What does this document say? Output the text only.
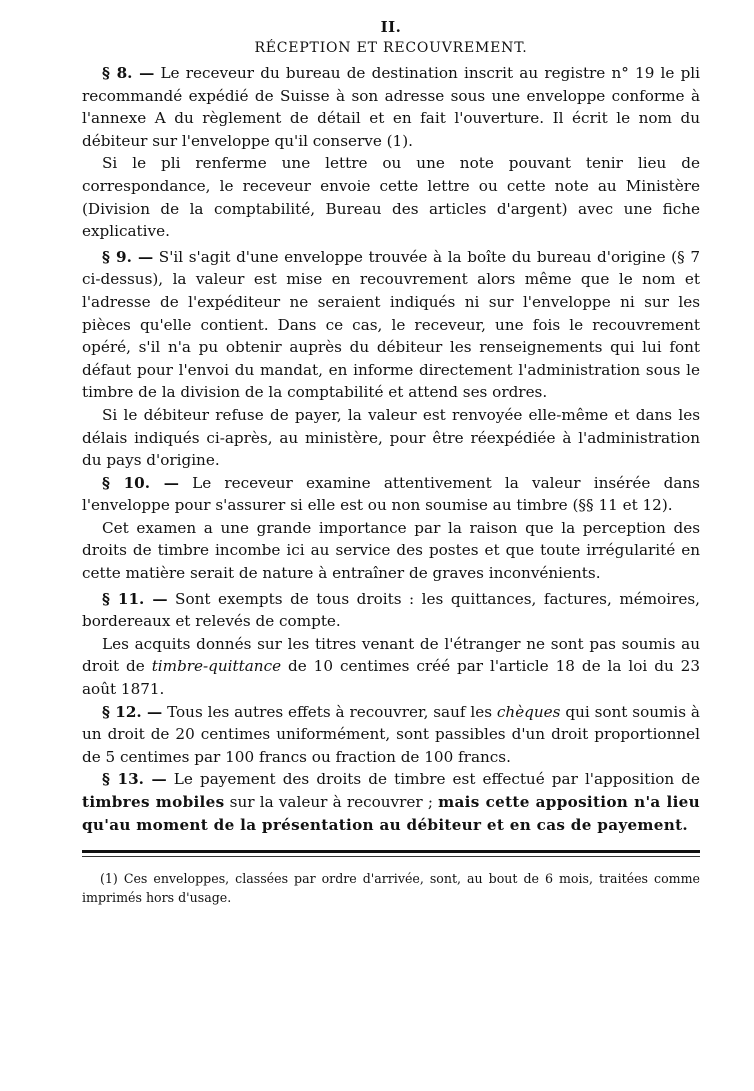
II.
RÉCEPTION ET RECOUVREMENT.

§ 8. — Le receveur du bureau de destination inscrit au registre n° 19 le pli recommandé expédié de Suisse à son adresse sous une enveloppe conforme à l'annexe A du règlement de détail et en fait l'ouverture. Il écrit le nom du débiteur sur l'enveloppe qu'il conserve (1).

Si le pli renferme une lettre ou une note pouvant tenir lieu de correspondance, le receveur envoie cette lettre ou cette note au Ministère (Division de la comptabilité, Bureau des articles d'argent) avec une fiche explicative.

§ 9. — S'il s'agit d'une enveloppe trouvée à la boîte du bureau d'origine (§ 7 ci-dessus), la valeur est mise en recouvrement alors même que le nom et l'adresse de l'expéditeur ne seraient indiqués ni sur l'enveloppe ni sur les pièces qu'elle contient. Dans ce cas, le receveur, une fois le recouvrement opéré, s'il n'a pu obtenir auprès du débiteur les renseignements qui lui font défaut pour l'envoi du mandat, en informe directement l'administration sous le timbre de la division de la comptabilité et attend ses ordres.

Si le débiteur refuse de payer, la valeur est renvoyée elle-même et dans les délais indiqués ci-après, au ministère, pour être réexpédiée à l'administration du pays d'origine.

§ 10. — Le receveur examine attentivement la valeur insérée dans l'enveloppe pour s'assurer si elle est ou non soumise au timbre (§§ 11 et 12).

Cet examen a une grande importance par la raison que la perception des droits de timbre incombe ici au service des postes et que toute irrégularité en cette matière serait de nature à entraîner de graves inconvénients.

§ 11. — Sont exempts de tous droits : les quittances, factures, mémoires, bordereaux et relevés de compte.

Les acquits donnés sur les titres venant de l'étranger ne sont pas soumis au droit de timbre-quittance de 10 centimes créé par l'article 18 de la loi du 23 août 1871.

§ 12. — Tous les autres effets à recouvrer, sauf les chèques qui sont soumis à un droit de 20 centimes uniformément, sont passibles d'un droit proportionnel de 5 centimes par 100 francs ou fraction de 100 francs.

§ 13. — Le payement des droits de timbre est effectué par l'apposition de timbres mobiles sur la valeur à recouvrer ; mais cette apposition n'a lieu qu'au moment de la présentation au débiteur et en cas de payement.

(1) Ces enveloppes, classées par ordre d'arrivée, sont, au bout de 6 mois, traitées comme imprimés hors d'usage.
